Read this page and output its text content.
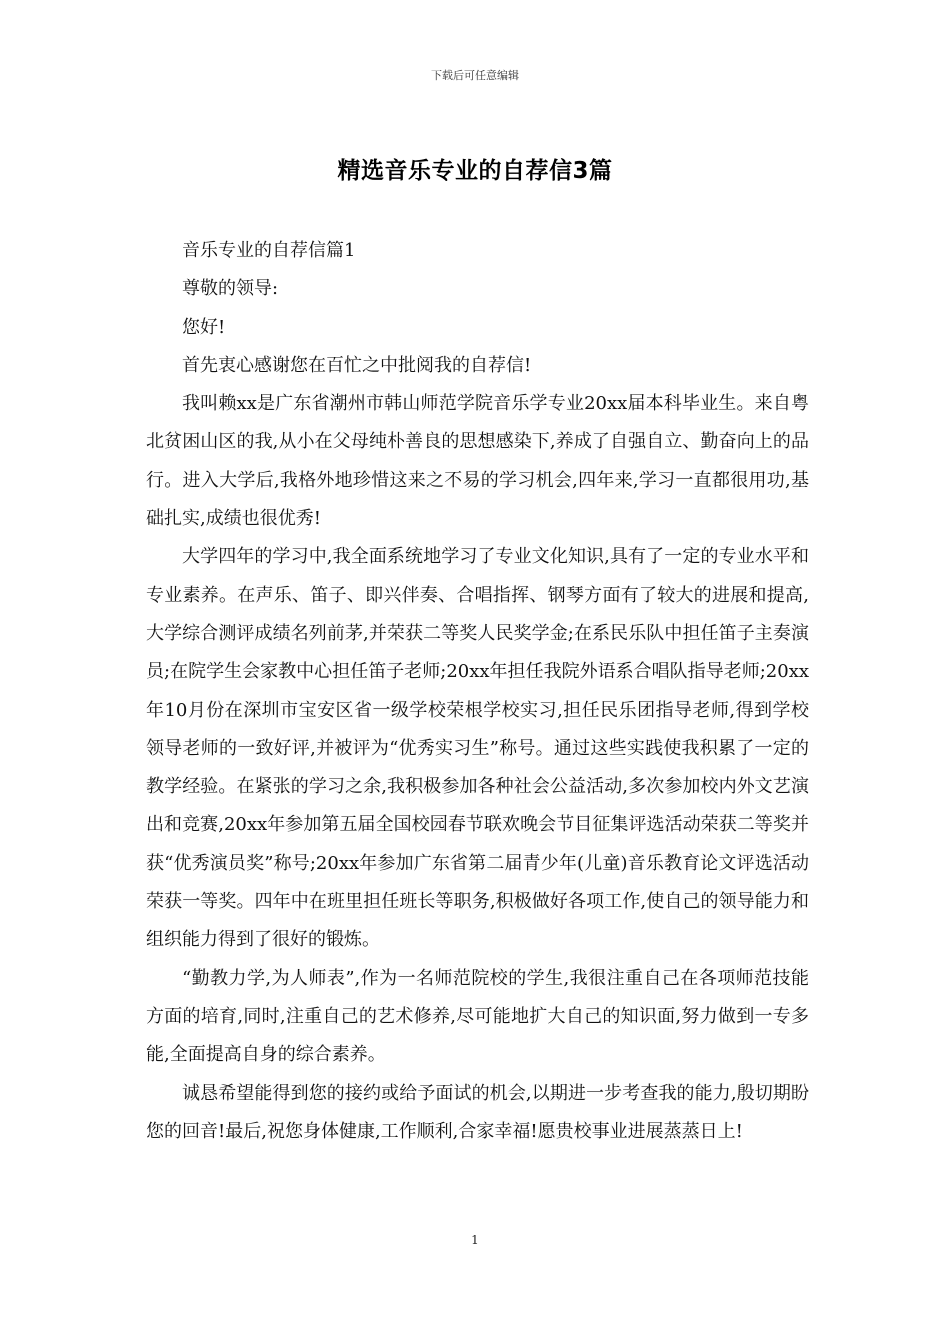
下载后可任意编辑
精选音乐专业的自荐信3篇

音乐专业的自荐信篇1

尊敬的领导:

您好!

首先衷心感谢您在百忙之中批阅我的自荐信!

我叫赖xx是广东省潮州市韩山师范学院音乐学专业20xx届本科毕业生。来自粤北贫困山区的我,从小在父母纯朴善良的思想感染下,养成了自强自立、勤奋向上的品行。进入大学后,我格外地珍惜这来之不易的学习机会,四年来,学习一直都很用功,基础扎实,成绩也很优秀!

大学四年的学习中,我全面系统地学习了专业文化知识,具有了一定的专业水平和专业素养。在声乐、笛子、即兴伴奏、合唱指挥、钢琴方面有了较大的进展和提高,大学综合测评成绩名列前茅,并荣获二等奖人民奖学金;在系民乐队中担任笛子主奏演员;在院学生会家教中心担任笛子老师;20xx年担任我院外语系合唱队指导老师;20xx年10月份在深圳市宝安区省一级学校荣根学校实习,担任民乐团指导老师,得到学校领导老师的一致好评,并被评为“优秀实习生”称号。通过这些实践使我积累了一定的教学经验。在紧张的学习之余,我积极参加各种社会公益活动,多次参加校内外文艺演出和竞赛,20xx年参加第五届全国校园春节联欢晚会节目征集评选活动荣获二等奖并获“优秀演员奖”称号;20xx年参加广东省第二届青少年(儿童)音乐教育论文评选活动荣获一等奖。四年中在班里担任班长等职务,积极做好各项工作,使自己的领导能力和组织能力得到了很好的锻炼。

“勤教力学,为人师表”,作为一名师范院校的学生,我很注重自己在各项师范技能方面的培育,同时,注重自己的艺术修养,尽可能地扩大自己的知识面,努力做到一专多能,全面提高自身的综合素养。

诚恳希望能得到您的接约或给予面试的机会,以期进一步考查我的能力,殷切期盼您的回音!最后,祝您身体健康,工作顺利,合家幸福!愿贵校事业进展蒸蒸日上!

1
